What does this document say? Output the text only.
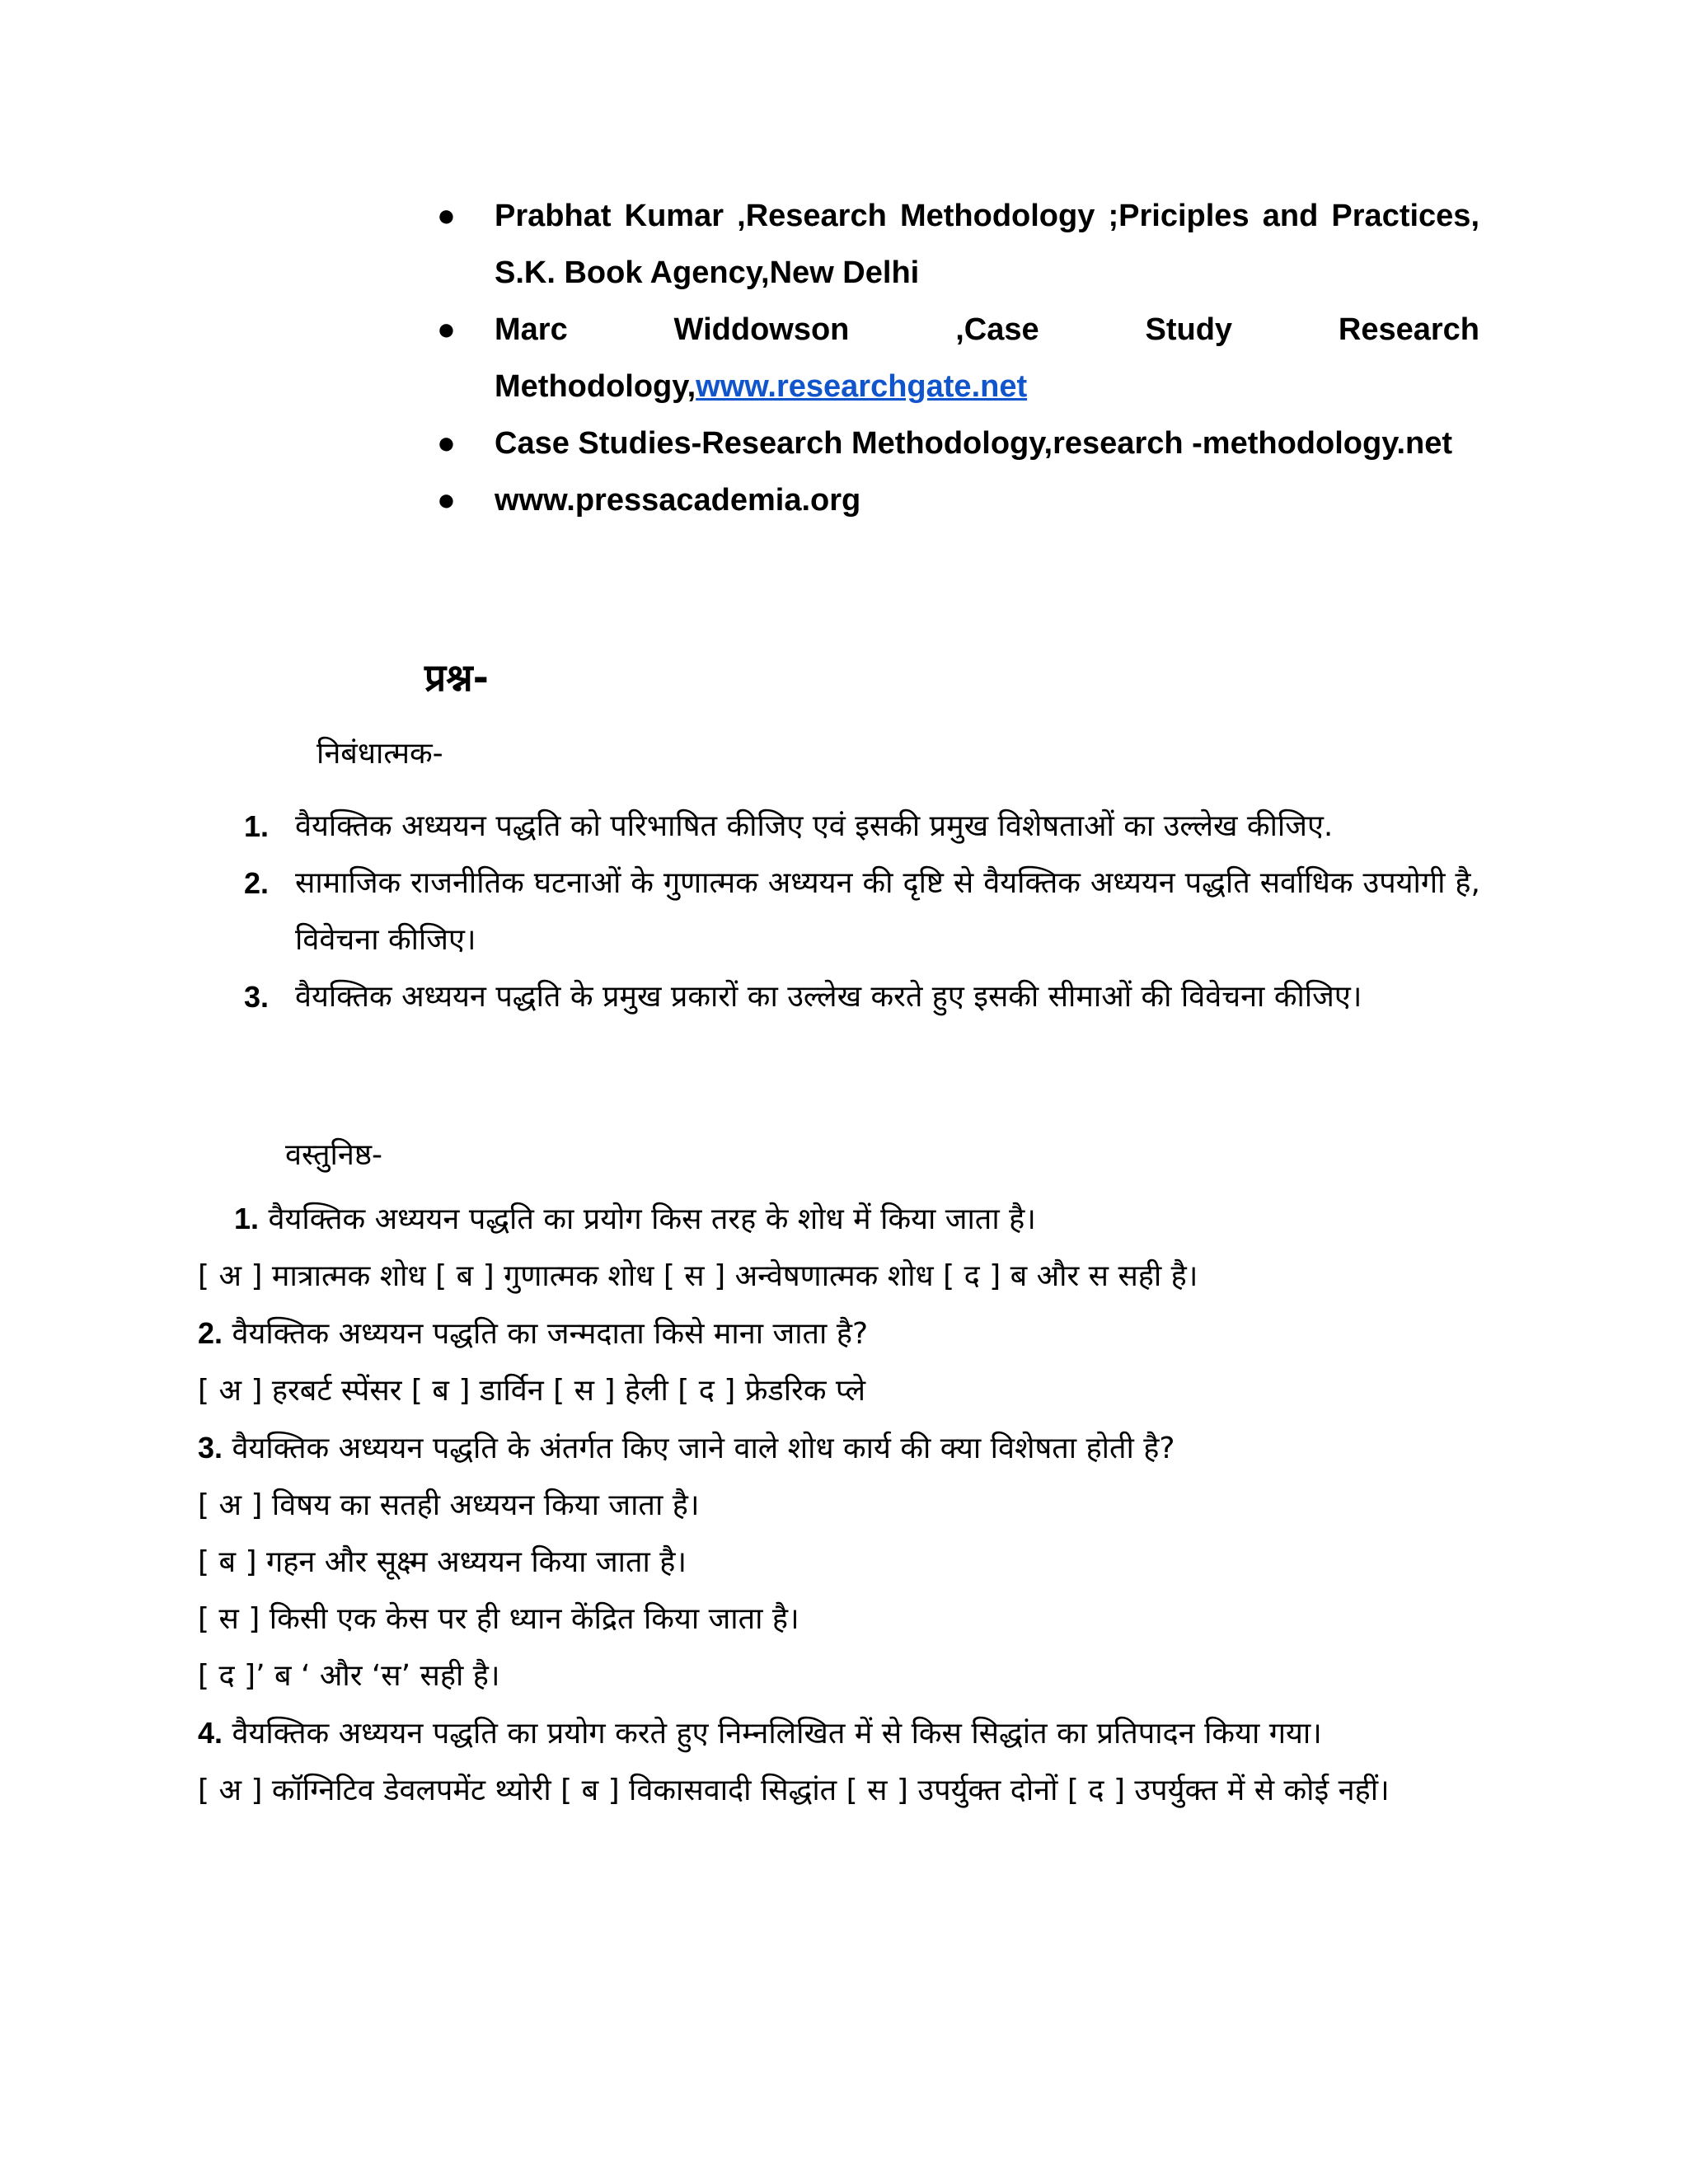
● Prabhat Kumar ,Research Methodology ;Priciples and Practices, S.K. Book Agency,New Delhi
● Marc Widdowson ,Case Study Research Methodology,www.researchgate.net
● Case Studies-Research Methodology,research -methodology.net
● www.pressacademia.org
प्रश्न-
निबंधात्मक-
1. वैयक्तिक अध्ययन पद्धति को परिभाषित कीजिए एवं इसकी प्रमुख विशेषताओं का उल्लेख कीजिए.
2. सामाजिक राजनीतिक घटनाओं के गुणात्मक अध्ययन की दृष्टि से वैयक्तिक अध्ययन पद्धति सर्वाधिक उपयोगी है, विवेचना कीजिए।
3. वैयक्तिक अध्ययन पद्धति के प्रमुख प्रकारों का उल्लेख करते हुए इसकी सीमाओं की विवेचना कीजिए।
वस्तुनिष्ठ-
1. वैयक्तिक अध्ययन पद्धति का प्रयोग किस तरह के शोध में किया जाता है।
[ अ ] मात्रात्मक शोध [ ब ] गुणात्मक शोध [ स ] अन्वेषणात्मक शोध [ द ] ब और स सही है।
2. वैयक्तिक अध्ययन पद्धति का जन्मदाता किसे माना जाता है?
[ अ ] हरबर्ट स्पेंसर [ ब ] डार्विन [ स ] हेली [ द ] फ्रेडरिक प्ले
3. वैयक्तिक अध्ययन पद्धति के अंतर्गत किए जाने वाले शोध कार्य की क्या विशेषता होती है?
[ अ ] विषय का सतही अध्ययन किया जाता है।
[ ब ] गहन और सूक्ष्म अध्ययन किया जाता है।
[ स ] किसी एक केस पर ही ध्यान केंद्रित किया जाता है।
[ द ]’ ब ‘ और ‘स’ सही है।
4. वैयक्तिक अध्ययन पद्धति का प्रयोग करते हुए निम्नलिखित में से किस सिद्धांत का प्रतिपादन किया गया।
[ अ ] कॉग्निटिव डेवलपमेंट थ्योरी [ ब ] विकासवादी सिद्धांत [ स ] उपर्युक्त दोनों [ द ] उपर्युक्त में से कोई नहीं।
